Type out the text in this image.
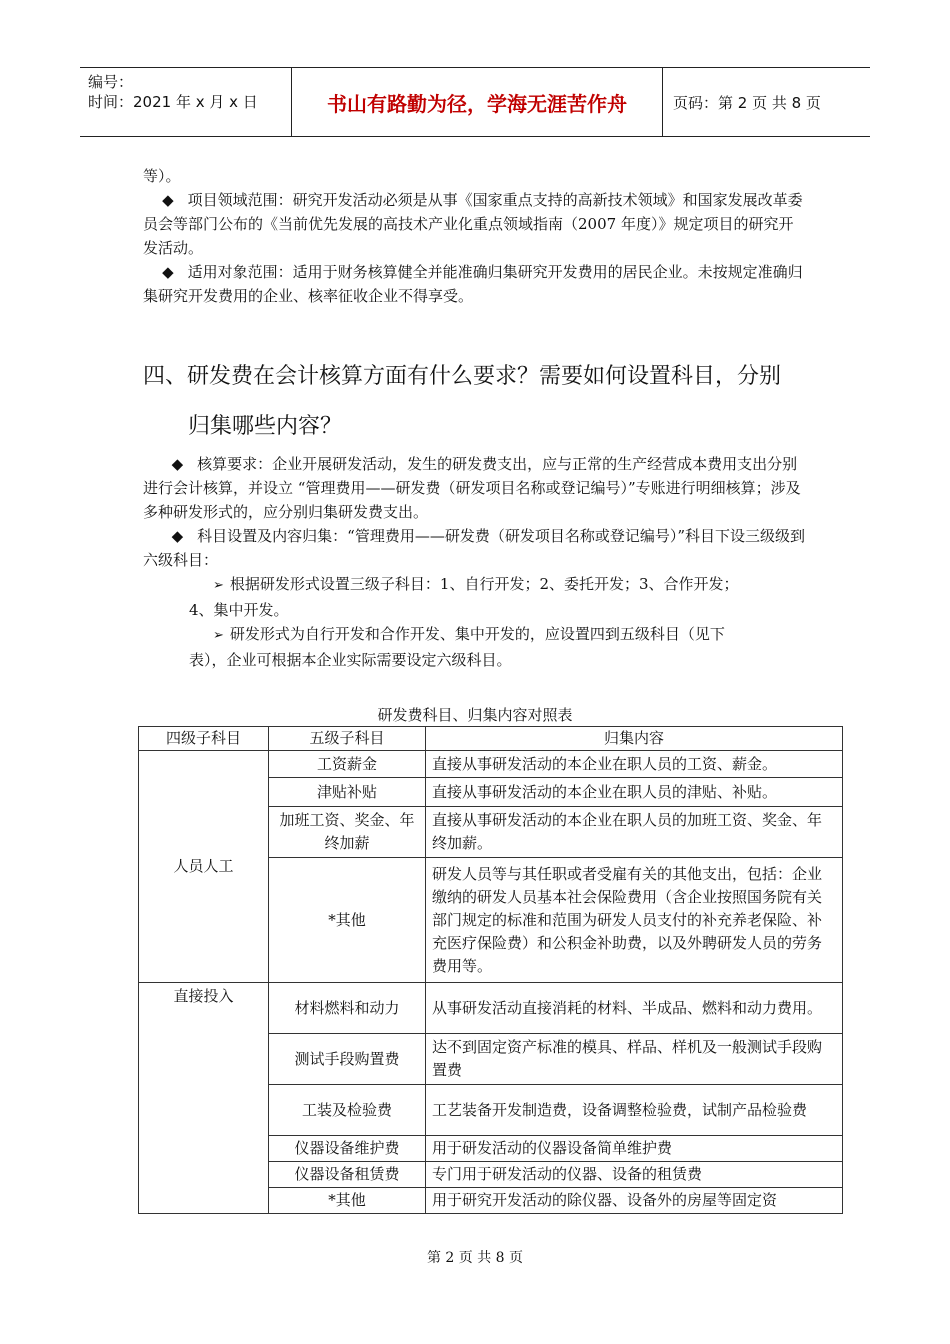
编号：
时间：2021 年 x 月 x 日	书山有路勤为径，学海无涯苦作舟	页码：第 2 页 共 8 页

等）。

◆ 项目领域范围：研究开发活动必须是从事《国家重点支持的高新技术领域》和国家发展改革委员会等部门公布的《当前优先发展的高技术产业化重点领域指南（2007 年度）》规定项目的研究开发活动。

◆ 适用对象范围：适用于财务核算健全并能准确归集研究开发费用的居民企业。未按规定准确归集研究开发费用的企业、核率征收企业不得享受。

四、研发费在会计核算方面有什么要求？需要如何设置科目，分别
归集哪些内容？

◆ 核算要求：企业开展研发活动，发生的研发费支出，应与正常的生产经营成本费用支出分别进行会计核算，并设立 “管理费用——研发费（研发项目名称或登记编号）”专账进行明细核算；涉及多种研发形式的，应分别归集研发费支出。

◆ 科目设置及内容归集：“管理费用——研发费（研发项目名称或登记编号）”科目下设三级级到六级科目：

➢ 根据研发形式设置三级子科目：1、自行开发；2、委托开发；3、合作开发；

4、集中开发。

➢ 研发形式为自行开发和合作开发、集中开发的，应设置四到五级科目（见下

表），企业可根据本企业实际需要设定六级科目。

研发费科目、归集内容对照表
四级子科目	五级子科目	归集内容
人员人工	工资薪金	直接从事研发活动的本企业在职人员的工资、薪金。
	津贴补贴	直接从事研发活动的本企业在职人员的津贴、补贴。
	加班工资、奖金、年终加薪	直接从事研发活动的本企业在职人员的加班工资、奖金、年终加薪。
	*其他	研发人员等与其任职或者受雇有关的其他支出，包括：企业缴纳的研发人员基本社会保险费用（含企业按照国务院有关部门规定的标准和范围为研发人员支付的补充养老保险、补充医疗保险费）和公积金补助费，以及外聘研发人员的劳务费用等。
直接投入	材料燃料和动力	从事研发活动直接消耗的材料、半成品、燃料和动力费用。
	测试手段购置费	达不到固定资产标准的模具、样品、样机及一般测试手段购置费
	工装及检验费	工艺装备开发制造费，设备调整检验费，试制产品检验费
	仪器设备维护费	用于研发活动的仪器设备简单维护费
	仪器设备租赁费	专门用于研发活动的仪器、设备的租赁费
	*其他	用于研究开发活动的除仪器、设备外的房屋等固定资
第 2 页 共 8 页
